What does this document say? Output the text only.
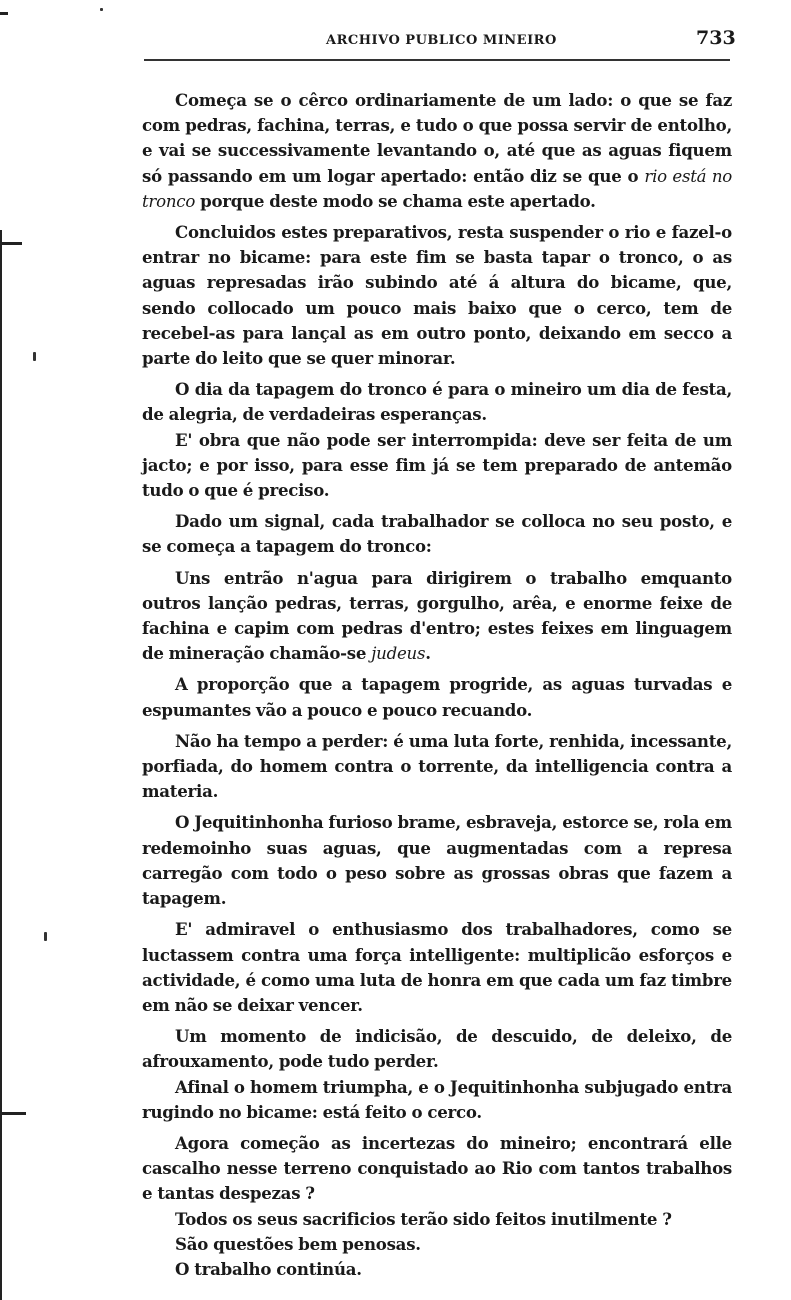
ARCHIVO PUBLICO MINEIRO	733

Começa se o cêrco ordinariamente de um lado: o que se faz com pedras, fachina, terras, e tudo o que possa servir de entolho, e vai se successivamente levantando o, até que as aguas fiquem só passando em um logar apertado: então diz se que o rio está no tronco porque deste modo se chama este apertado.

Concluidos estes preparativos, resta suspender o rio e fazel-o entrar no bicame: para este fim se basta tapar o tronco, o as aguas represadas irão subindo até á altura do bicame, que, sendo collocado um pouco mais baixo que o cerco, tem de recebel-as para lançal as em outro ponto, deixando em secco a parte do leito que se quer minorar.

O dia da tapagem do tronco é para o mineiro um dia de festa, de alegria, de verdadeiras esperanças.

E' obra que não pode ser interrompida: deve ser feita de um jacto; e por isso, para esse fim já se tem preparado de antemão tudo o que é preciso.

Dado um signal, cada trabalhador se colloca no seu posto, e se começa a tapagem do tronco:

Uns entrão n'agua para dirigirem o trabalho emquanto outros lanção pedras, terras, gorgulho, arêa, e enorme feixe de fachina e capim com pedras d'entro; estes feixes em linguagem de mineração chamão-se judeus.

A proporção que a tapagem progride, as aguas turvadas e espumantes vão a pouco e pouco recuando.

Não ha tempo a perder: é uma luta forte, renhida, incessante, porfiada, do homem contra o torrente, da intelligencia contra a materia.

O Jequitinhonha furioso brame, esbraveja, estorce se, rola em redemoinho suas aguas, que augmentadas com a represa carregão com todo o peso sobre as grossas obras que fazem a tapagem.

E' admiravel o enthusiasmo dos trabalhadores, como se luctassem contra uma força intelligente: multiplicão esforços e actividade, é como uma luta de honra em que cada um faz timbre em não se deixar vencer.

Um momento de indicisão, de descuido, de deleixo, de afrouxamento, pode tudo perder.

Afinal o homem triumpha, e o Jequitinhonha subjugado entra rugindo no bicame: está feito o cerco.

Agora começão as incertezas do mineiro; encontrará elle cascalho nesse terreno conquistado ao Rio com tantos trabalhos e tantas despezas ?

Todos os seus sacrificios terão sido feitos inutilmente ?

São questões bem penosas.

O trabalho continúa.
